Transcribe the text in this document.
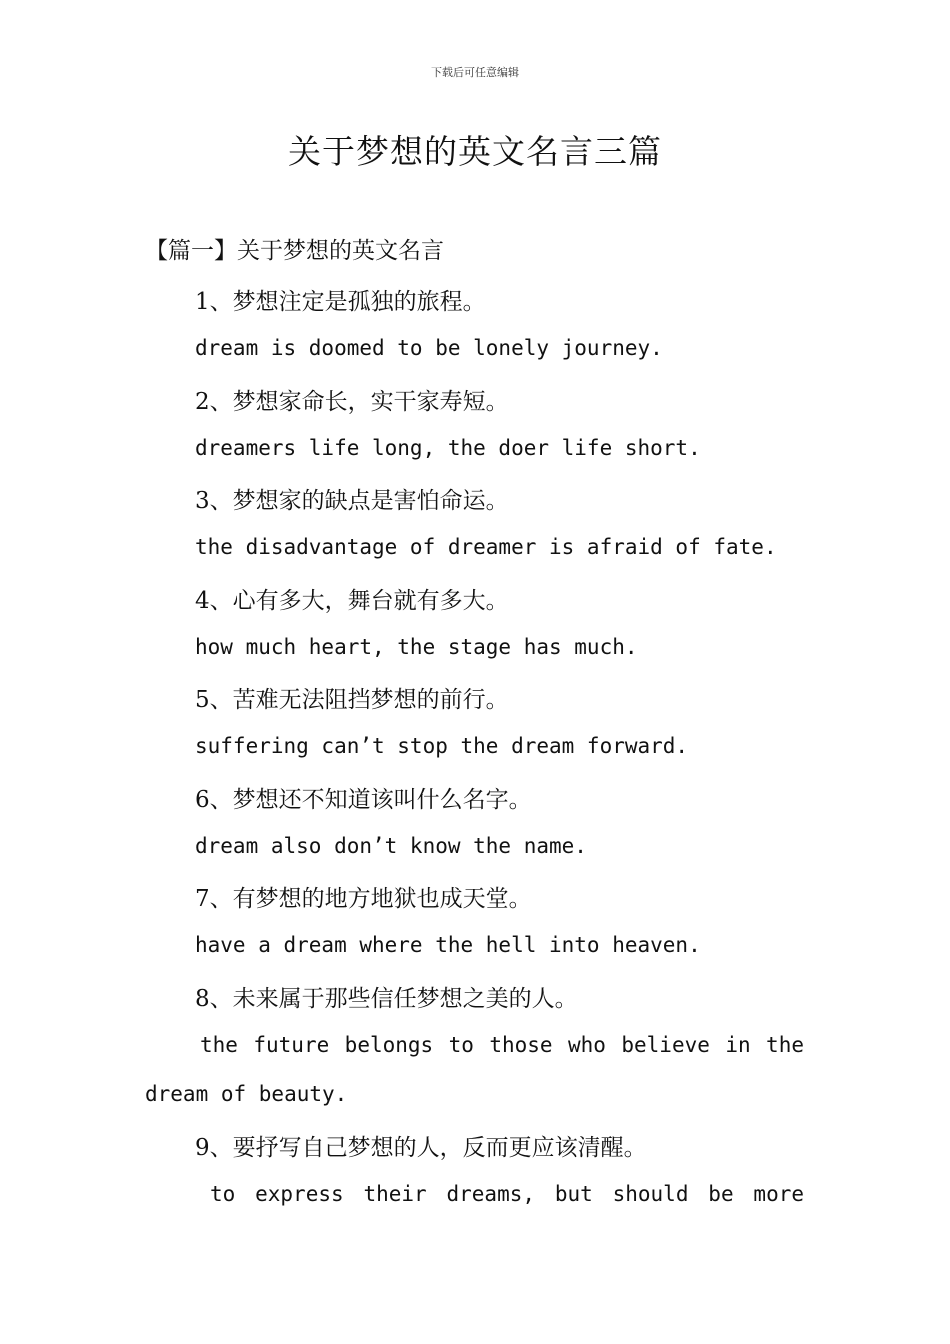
下载后可任意编辑
关于梦想的英文名言三篇
【篇一】关于梦想的英文名言
1、梦想注定是孤独的旅程。
dream is doomed to be lonely journey.
2、梦想家命长，实干家寿短。
dreamers life long, the doer life short.
3、梦想家的缺点是害怕命运。
the disadvantage of dreamer is afraid of fate.
4、心有多大，舞台就有多大。
how much heart, the stage has much.
5、苦难无法阻挡梦想的前行。
suffering can’t stop the dream forward.
6、梦想还不知道该叫什么名字。
dream also don’t know the name.
7、有梦想的地方地狱也成天堂。
have a dream where the hell into heaven.
8、未来属于那些信任梦想之美的人。
the future belongs to those who believe in the
dream of beauty.
9、要抒写自己梦想的人，反而更应该清醒。
to express their dreams, but should be more
